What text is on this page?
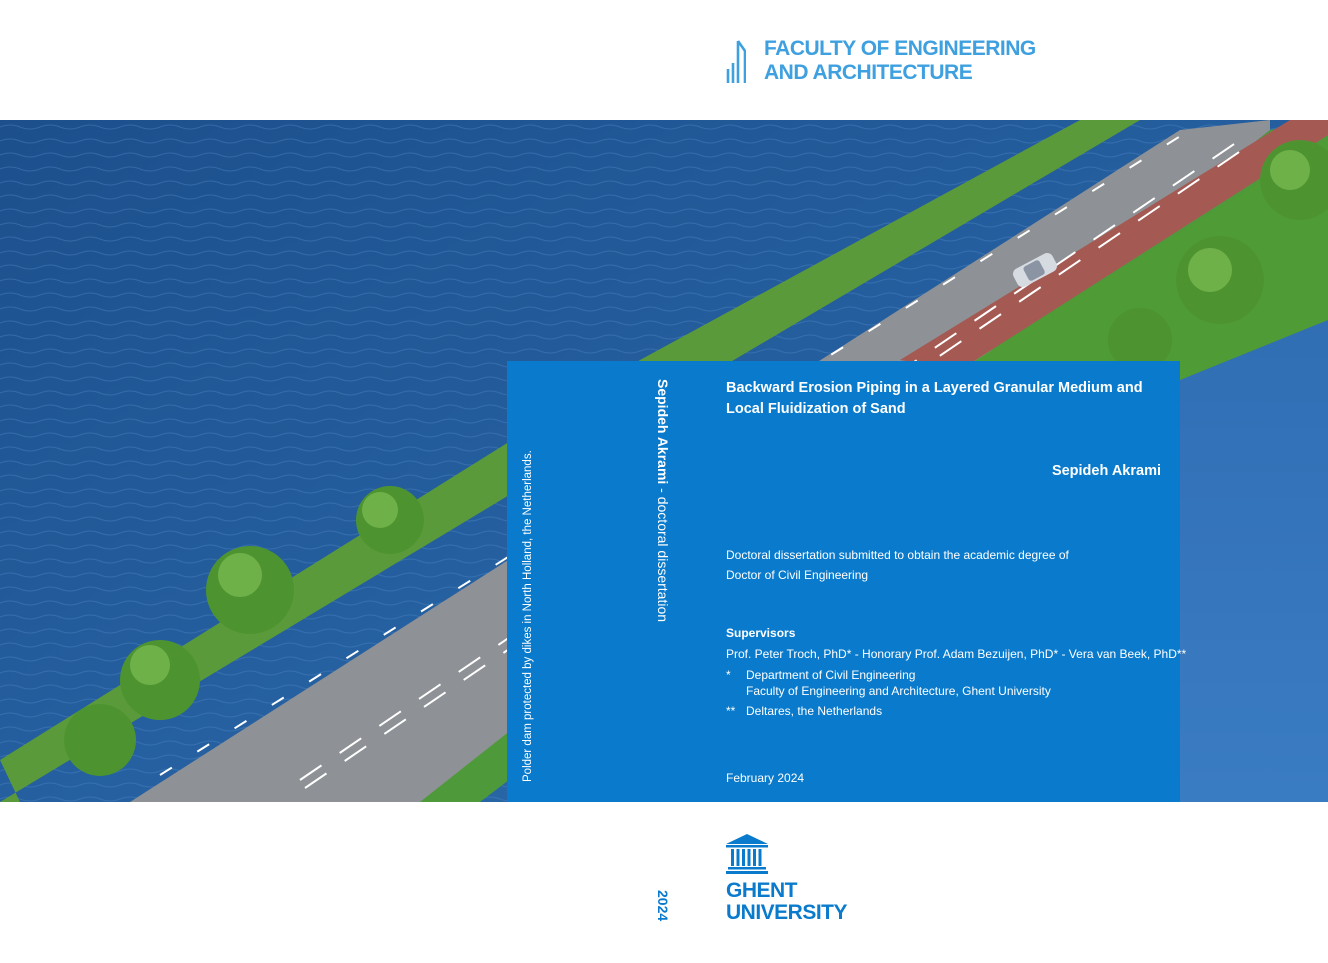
FACULTY OF ENGINEERING
AND ARCHITECTURE
Polder dam protected by dikes in North Holland, the Netherlands.
Sepideh Akrami - doctoral dissertation
Backward Erosion Piping in a Layered Granular Medium and Local Fluidization of Sand
Sepideh Akrami
Doctoral dissertation submitted to obtain the academic degree of
Doctor of Civil Engineering
Supervisors
Prof. Peter Troch, PhD* - Honorary Prof. Adam Bezuijen, PhD* - Vera van Beek, PhD**
*	Department of Civil Engineering
Faculty of Engineering and Architecture, Ghent University
** Deltares, the Netherlands
February 2024
2024	GHENT
UNIVERSITY
